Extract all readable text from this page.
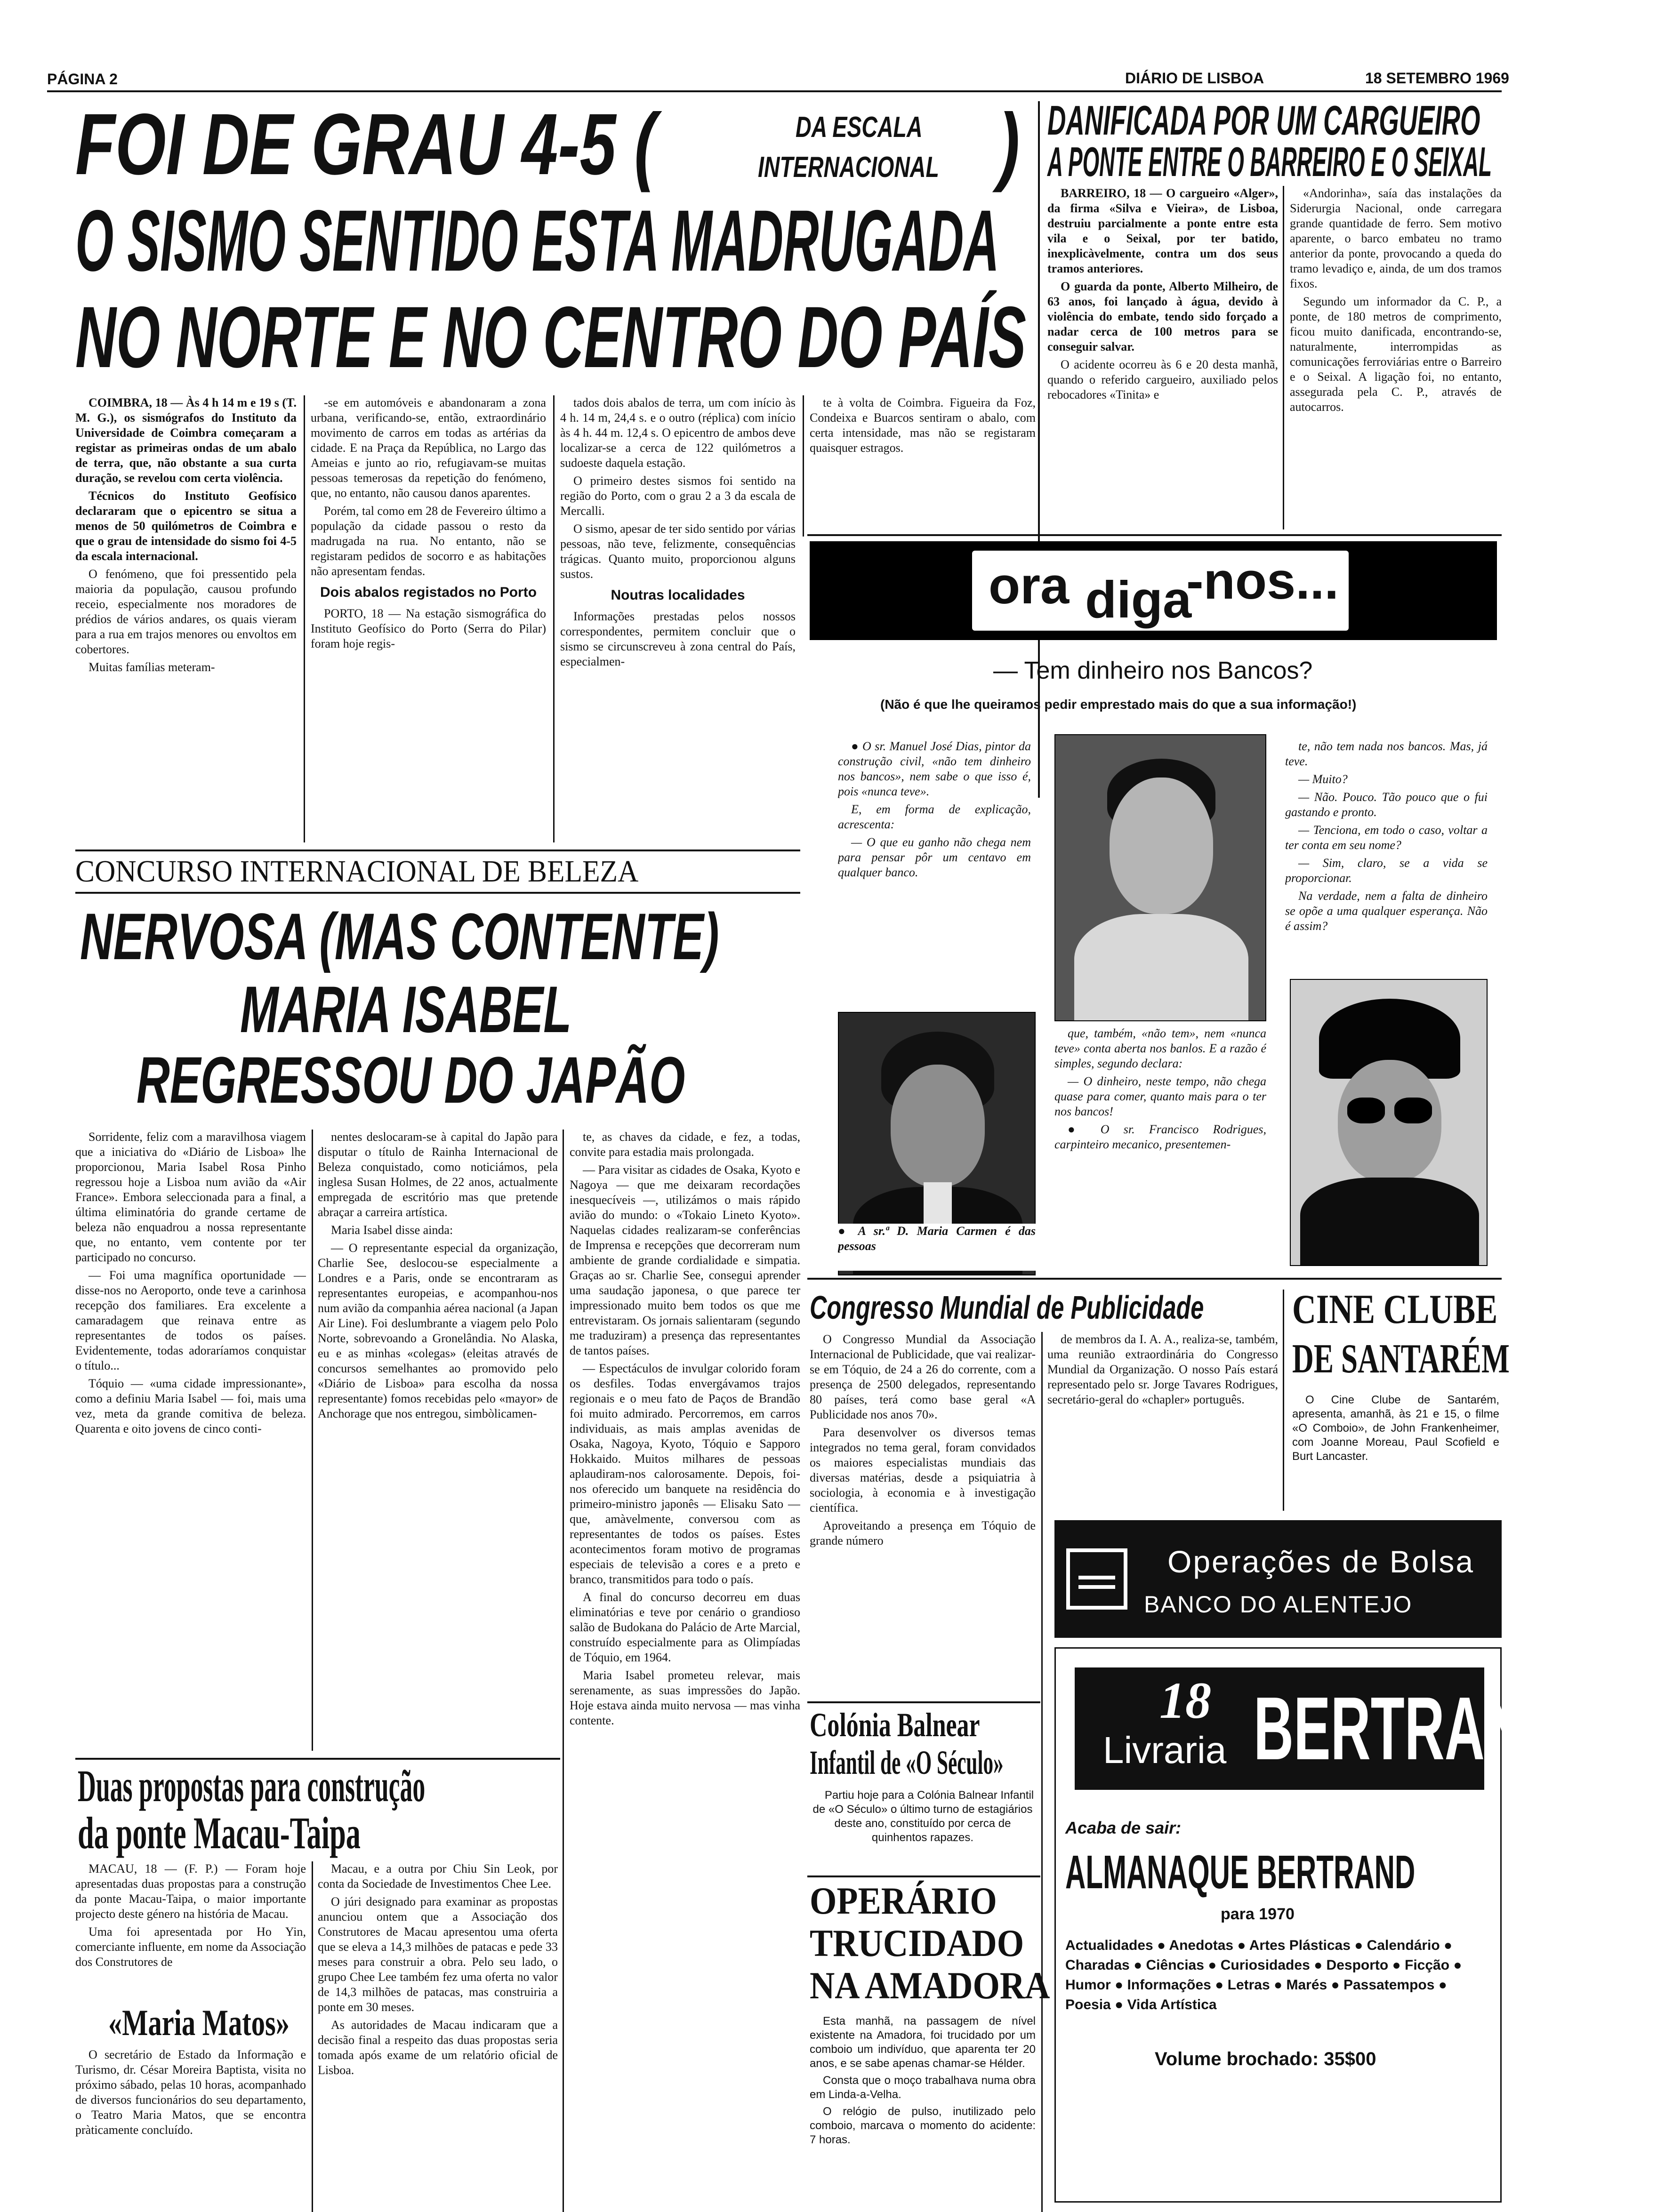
PÁGINA 2	DIÁRIO DE LISBOA	18 SETEMBRO 1969
FOI DE GRAU 4-5 (	DA ESCALA
INTERNACIONAL )
O SISMO SENTIDO ESTA MADRUGADA
NO NORTE E NO CENTRO DO PAÍS

COIMBRA, 18 — Às 4 h 14 m e 19 s (T. M. G.), os sismógrafos do Instituto da Universidade de Coimbra começaram a registar as primeiras ondas de um abalo de terra, que, não obstante a sua curta duração, se revelou com certa violência.

Técnicos do Instituto Geofísico declararam que o epicentro se situa a menos de 50 quilómetros de Coimbra e que o grau de intensidade do sismo foi 4-5 da escala internacional.

O fenómeno, que foi pressentido pela maioria da população, causou profundo receio, especialmente nos moradores de prédios de vários andares, os quais vieram para a rua em trajos menores ou envoltos em cobertores.

Muitas famílias meteram-

-se em automóveis e abandonaram a zona urbana, verificando-se, então, extraordinário movimento de carros em todas as artérias da cidade. E na Praça da República, no Largo das Ameias e junto ao rio, refugiavam-se muitas pessoas temerosas da repetição do fenómeno, que, no entanto, não causou danos aparentes.

Porém, tal como em 28 de Fevereiro último a população da cidade passou o resto da madrugada na rua. No entanto, não se registaram pedidos de socorro e as habitações não apresentam fendas.

Dois abalos registados no Porto

PORTO, 18 — Na estação sismográfica do Instituto Geofísico do Porto (Serra do Pilar) foram hoje regis-

tados dois abalos de terra, um com início às 4 h. 14 m, 24,4 s. e o outro (réplica) com início às 4 h. 44 m. 12,4 s. O epicentro de ambos deve localizar-se a cerca de 122 quilómetros a sudoeste daquela estação.

O primeiro destes sismos foi sentido na região do Porto, com o grau 2 a 3 da escala de Mercalli.

O sismo, apesar de ter sido sentido por várias pessoas, não teve, felizmente, consequências trágicas. Quanto muito, proporcionou alguns sustos.

Noutras localidades

Informações prestadas pelos nossos correspondentes, permitem concluir que o sismo se circunscreveu à zona central do País, especialmen-

te à volta de Coimbra. Figueira da Foz, Condeixa e Buarcos sentiram o abalo, com certa intensidade, mas não se registaram quaisquer estragos.

DANIFICADA POR UM CARGUEIRO
A PONTE ENTRE O BARREIRO E O SEIXAL

BARREIRO, 18 — O cargueiro «Alger», da firma «Silva e Vieira», de Lisboa, destruiu parcialmente a ponte entre esta vila e o Seixal, por ter batido, inexplicàvelmente, contra um dos seus tramos anteriores.

O guarda da ponte, Alberto Milheiro, de 63 anos, foi lançado à água, devido à violência do embate, tendo sido forçado a nadar cerca de 100 metros para se conseguir salvar.

O acidente ocorreu às 6 e 20 desta manhã, quando o referido cargueiro, auxiliado pelos rebocadores «Tinita» e

«Andorinha», saía das instalações da Siderurgia Nacional, onde carregara grande quantidade de ferro. Sem motivo aparente, o barco embateu no tramo anterior da ponte, provocando a queda do tramo levadiço e, ainda, de um dos tramos fixos.

Segundo um informador da C. P., a ponte, de 180 metros de comprimento, ficou muito danificada, encontrando-se, naturalmente, interrompidas as comunicações ferroviárias entre o Barreiro e o Seixal. A ligação foi, no entanto, assegurada pela C. P., através de autocarros.

ora diga
-nos...
— Tem dinheiro nos Bancos?
(Não é que lhe queiramos pedir emprestado mais do que a sua informação!)

● O sr. Manuel José Dias, pintor da construção civil, «não tem dinheiro nos bancos», nem sabe o que isso é, pois «nunca teve».

E, em forma de explicação, acrescenta:

— O que eu ganho não chega nem para pensar pôr um centavo em qualquer banco.

● A sr.ª D. Maria Carmen é das pessoas

que, também, «não tem», nem «nunca teve» conta aberta nos banlos. E a razão é simples, segundo declara:

— O dinheiro, neste tempo, não chega quase para comer, quanto mais para o ter nos bancos!

● O sr. Francisco Rodrigues, carpinteiro mecanico, presentemen-

te, não tem nada nos bancos. Mas, já teve.

— Muito?

— Não. Pouco. Tão pouco que o fui gastando e pronto.

— Tenciona, em todo o caso, voltar a ter conta em seu nome?

— Sim, claro, se a vida se proporcionar.

Na verdade, nem a falta de dinheiro se opõe a uma qualquer esperança. Não é assim?

CONCURSO INTERNACIONAL DE BELEZA
NERVOSA (MAS CONTENTE)
MARIA ISABEL
REGRESSOU DO JAPÃO

Sorridente, feliz com a maravilhosa viagem que a iniciativa do «Diário de Lisboa» lhe proporcionou, Maria Isabel Rosa Pinho regressou hoje a Lisboa num avião da «Air France». Embora seleccionada para a final, a última eliminatória do grande certame de beleza não enquadrou a nossa representante que, no entanto, vem contente por ter participado no concurso.

— Foi uma magnífica oportunidade — disse-nos no Aeroporto, onde teve a carinhosa recepção dos familiares. Era excelente a camaradagem que reinava entre as representantes de todos os países. Evidentemente, todas adoraríamos conquistar o título...

Tóquio — «uma cidade impressionante», como a definiu Maria Isabel — foi, mais uma vez, meta da grande comitiva de beleza. Quarenta e oito jovens de cinco conti-

nentes deslocaram-se à capital do Japão para disputar o título de Rainha Internacional de Beleza conquistado, como noticiámos, pela inglesa Susan Holmes, de 22 anos, actualmente empregada de escritório mas que pretende abraçar a carreira artística.

Maria Isabel disse ainda:

— O representante especial da organização, Charlie See, deslocou-se especialmente a Londres e a Paris, onde se encontraram as representantes europeias, e acompanhou-nos num avião da companhia aérea nacional (a Japan Air Line). Foi deslumbrante a viagem pelo Polo Norte, sobrevoando a Gronelândia. No Alaska, eu e as minhas «colegas» (eleitas através de concursos semelhantes ao promovido pelo «Diário de Lisboa» para escolha da nossa representante) fomos recebidas pelo «mayor» de Anchorage que nos entregou, simbòlicamen-

te, as chaves da cidade, e fez, a todas, convite para estadia mais prolongada.

— Para visitar as cidades de Osaka, Kyoto e Nagoya — que me deixaram recordações inesquecíveis —, utilizámos o mais rápido avião do mundo: o «Tokaio Lineto Kyoto». Naquelas cidades realizaram-se conferências de Imprensa e recepções que decorreram num ambiente de grande cordialidade e simpatia. Graças ao sr. Charlie See, consegui aprender uma saudação japonesa, o que parece ter impressionado muito bem todos os que me entrevistaram. Os jornais salientaram (segundo me traduziram) a presença das representantes de tantos países.

— Espectáculos de invulgar colorido foram os desfiles. Todas envergávamos trajos regionais e o meu fato de Paços de Brandão foi muito admirado. Percorremos, em carros individuais, as mais amplas avenidas de Osaka, Nagoya, Kyoto, Tóquio e Sapporo Hokkaido. Muitos milhares de pessoas aplaudiram-nos calorosamente. Depois, foi-nos oferecido um banquete na residência do primeiro-ministro japonês — Elisaku Sato — que, amàvelmente, conversou com as representantes de todos os países. Estes acontecimentos foram motivo de programas especiais de televisão a cores e a preto e branco, transmitidos para todo o país.

A final do concurso decorreu em duas eliminatórias e teve por cenário o grandioso salão de Budokana do Palácio de Arte Marcial, construído especialmente para as Olimpíadas de Tóquio, em 1964.

Maria Isabel prometeu relevar, mais serenamente, as suas impressões do Japão. Hoje estava ainda muito nervosa — mas vinha contente.

Duas propostas para construção
da ponte Macau-Taipa

MACAU, 18 — (F. P.) — Foram hoje apresentadas duas propostas para a construção da ponte Macau-Taipa, o maior importante projecto deste género na história de Macau.

Uma foi apresentada por Ho Yin, comerciante influente, em nome da Associação dos Construtores de

Macau, e a outra por Chiu Sin Leok, por conta da Sociedade de Investimentos Chee Lee.

O júri designado para examinar as propostas anunciou ontem que a Associação dos Construtores de Macau apresentou uma oferta que se eleva a 14,3 milhões de patacas e pede 33 meses para construir a obra. Pelo seu lado, o grupo Chee Lee também fez uma oferta no valor de 14,3 milhões de patacas, mas construiria a ponte em 30 meses.

As autoridades de Macau indicaram que a decisão final a respeito das duas propostas seria tomada após exame de um relatório oficial de Lisboa.

«Maria Matos»

O secretário de Estado da Informação e Turismo, dr. César Moreira Baptista, visita no próximo sábado, pelas 10 horas, acompanhado de diversos funcionários do seu departamento, o Teatro Maria Matos, que se encontra pràticamente concluído.

Congresso Mundial de Publicidade

O Congresso Mundial da Associação Internacional de Publicidade, que vai realizar-se em Tóquio, de 24 a 26 do corrente, com a presença de 2500 delegados, representando 80 países, terá como base geral «A Publicidade nos anos 70».

Para desenvolver os diversos temas integrados no tema geral, foram convidados os maiores especialistas mundiais das diversas matérias, desde a psiquiatria à sociologia, à economia e à investigação científica.

Aproveitando a presença em Tóquio de grande número

de membros da I. A. A., realiza-se, também, uma reunião extraordinária do Congresso Mundial da Organização. O nosso País estará representado pelo sr. Jorge Tavares Rodrigues, secretário-geral do «chapler» português.

CINE CLUBE
DE SANTARÉM

O Cine Clube de Santarém, apresenta, amanhã, às 21 e 15, o filme «O Comboio», de John Frankenheimer, com Joanne Moreau, Paul Scofield e Burt Lancaster.

Operações de Bolsa
BANCO DO ALENTEJO
18
Livraria BERTRAND
Acaba de sair:
ALMANAQUE BERTRAND
para 1970
Actualidades ● Anedotas ● Artes Plásticas ● Calendário ● Charadas ● Ciências ● Curiosidades ● Desporto ● Ficção ● Humor ● Informações ● Letras ● Marés ● Passatempos ● Poesia ● Vida Artística
Volume brochado: 35$00
Colónia Balnear
Infantil de «O Século»

Partiu hoje para a Colónia Balnear Infantil de «O Século» o último turno de estagiários deste ano, constituído por cerca de quinhentos rapazes.

OPERÁRIO
TRUCIDADO
NA AMADORA

Esta manhã, na passagem de nível existente na Amadora, foi trucidado por um comboio um indivíduo, que aparenta ter 20 anos, e se sabe apenas chamar-se Hélder.

Consta que o moço trabalhava numa obra em Linda-a-Velha.

O relógio de pulso, inutilizado pelo comboio, marcava o momento do acidente: 7 horas.
